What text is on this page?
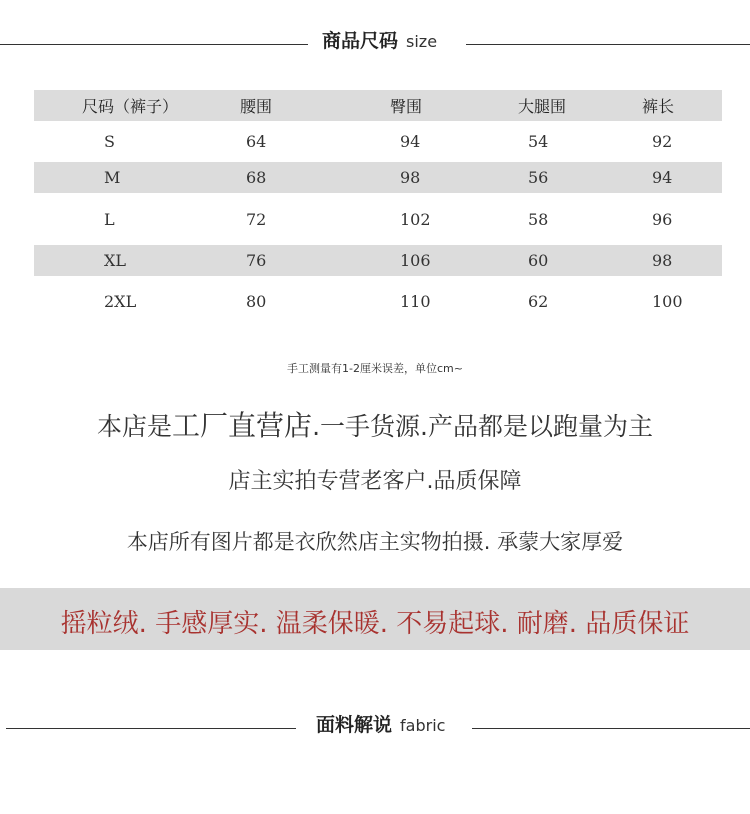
商品尺码 size
尺码（裤子）	腰围	臀围	大腿围	裤长
S	64	94	54	92
M	68	98	56	94
L	72	102	58	96
XL	76	106	60	98
2XL	80	110	62	100
手工测量有1-2厘米误差，单位cm~
本店是工厂直营店.一手货源.产品都是以跑量为主
店主实拍专营老客户.品质保障
本店所有图片都是衣欣然店主实物拍摄. 承蒙大家厚爱
摇粒绒. 手感厚实. 温柔保暖. 不易起球. 耐磨. 品质保证
面料解说 fabric
